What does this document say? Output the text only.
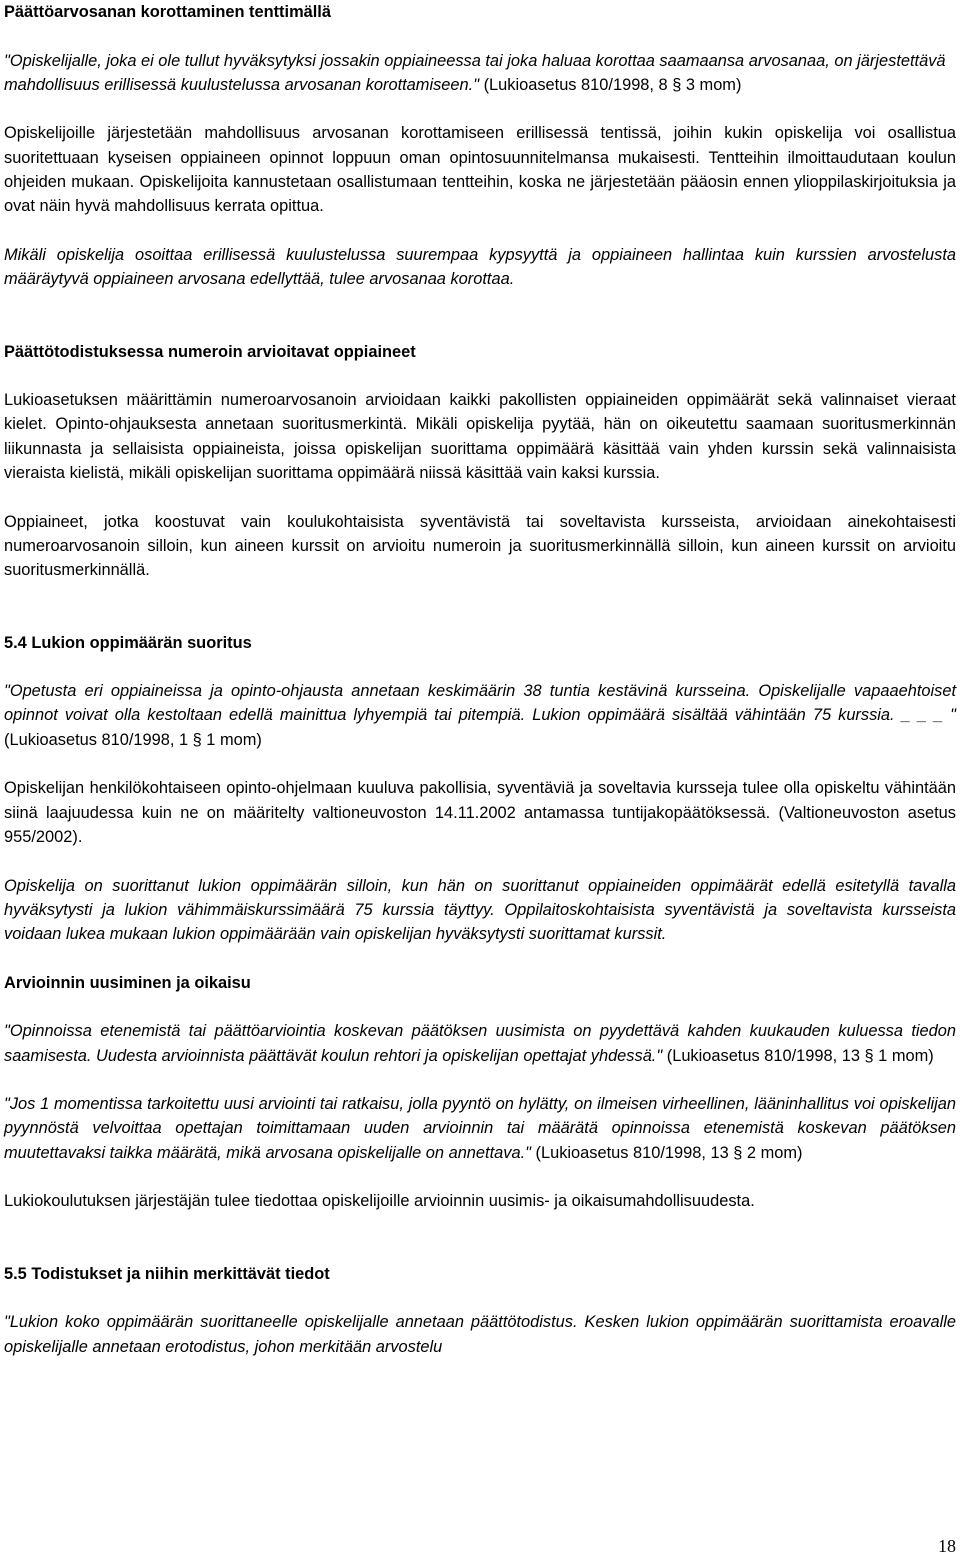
Päättöarvosanan korottaminen tenttimällä

"Opiskelijalle, joka ei ole tullut hyväksytyksi jossakin oppiaineessa tai joka haluaa korottaa saamaansa arvosanaa, on järjestettävä mahdollisuus erillisessä kuulustelussa arvosanan korottamiseen." (Lukioasetus 810/1998, 8 § 3 mom)

Opiskelijoille järjestetään mahdollisuus arvosanan korottamiseen erillisessä tentissä, joihin kukin opiskelija voi osallistua suoritettuaan kyseisen oppiaineen opinnot loppuun oman opintosuunnitelmansa mukaisesti. Tentteihin ilmoittaudutaan koulun ohjeiden mukaan. Opiskelijoita kannustetaan osallistumaan tentteihin, koska ne järjestetään pääosin ennen ylioppilaskirjoituksia ja ovat näin hyvä mahdollisuus kerrata opittua.

Mikäli opiskelija osoittaa erillisessä kuulustelussa suurempaa kypsyyttä ja oppiaineen hallintaa kuin kurssien arvostelusta määräytyvä oppiaineen arvosana edellyttää, tulee arvosanaa korottaa.

Päättötodistuksessa numeroin arvioitavat oppiaineet

Lukioasetuksen määrittämin numeroarvosanoin arvioidaan kaikki pakollisten oppiaineiden oppimäärät sekä valinnaiset vieraat kielet. Opinto-ohjauksesta annetaan suoritusmerkintä. Mikäli opiskelija pyytää, hän on oikeutettu saamaan suoritusmerkinnän liikunnasta ja sellaisista oppiaineista, joissa opiskelijan suorittama oppimäärä käsittää vain yhden kurssin sekä valinnaisista vieraista kielistä, mikäli opiskelijan suorittama oppimäärä niissä käsittää vain kaksi kurssia.

Oppiaineet, jotka koostuvat vain koulukohtaisista syventävistä tai soveltavista kursseista, arvioidaan ainekohtaisesti numeroarvosanoin silloin, kun aineen kurssit on arvioitu numeroin ja suoritusmerkinnällä silloin, kun aineen kurssit on arvioitu suoritusmerkinnällä.

5.4 Lukion oppimäärän suoritus

"Opetusta eri oppiaineissa ja opinto-ohjausta annetaan keskimäärin 38 tuntia kestävinä kursseina. Opiskelijalle vapaaehtoiset opinnot voivat olla kestoltaan edellä mainittua lyhyempiä tai pitempiä. Lukion oppimäärä sisältää vähintään 75 kurssia. _ _ _ " (Lukioasetus 810/1998, 1 § 1 mom)

Opiskelijan henkilökohtaiseen opinto-ohjelmaan kuuluva pakollisia, syventäviä ja soveltavia kursseja tulee olla opiskeltu vähintään siinä laajuudessa kuin ne on määritelty valtioneuvoston 14.11.2002 antamassa tuntijakopäätöksessä. (Valtioneuvoston asetus 955/2002).

Opiskelija on suorittanut lukion oppimäärän silloin, kun hän on suorittanut oppiaineiden oppimäärät edellä esitetyllä tavalla hyväksytysti ja lukion vähimmäiskurssimäärä 75 kurssia täyttyy. Oppilaitoskohtaisista syventävistä ja soveltavista kursseista voidaan lukea mukaan lukion oppimäärään vain opiskelijan hyväksytysti suorittamat kurssit.

Arvioinnin uusiminen ja oikaisu

"Opinnoissa etenemistä tai päättöarviointia koskevan päätöksen uusimista on pyydettävä kahden kuukauden kuluessa tiedon saamisesta. Uudesta arvioinnista päättävät koulun rehtori ja opiskelijan opettajat yhdessä." (Lukioasetus 810/1998, 13 § 1 mom)

"Jos 1 momentissa tarkoitettu uusi arviointi tai ratkaisu, jolla pyyntö on hylätty, on ilmeisen virheellinen, lääninhallitus voi opiskelijan pyynnöstä velvoittaa opettajan toimittamaan uuden arvioinnin tai määrätä opinnoissa etenemistä koskevan päätöksen muutettavaksi taikka määrätä, mikä arvosana opiskelijalle on annettava." (Lukioasetus 810/1998, 13 § 2 mom)

Lukiokoulutuksen järjestäjän tulee tiedottaa opiskelijoille arvioinnin uusimis- ja oikaisumahdollisuudesta.

5.5 Todistukset ja niihin merkittävät tiedot

"Lukion koko oppimäärän suorittaneelle opiskelijalle annetaan päättötodistus. Kesken lukion oppimäärän suorittamista eroavalle opiskelijalle annetaan erotodistus, johon merkitään arvostelu

18
